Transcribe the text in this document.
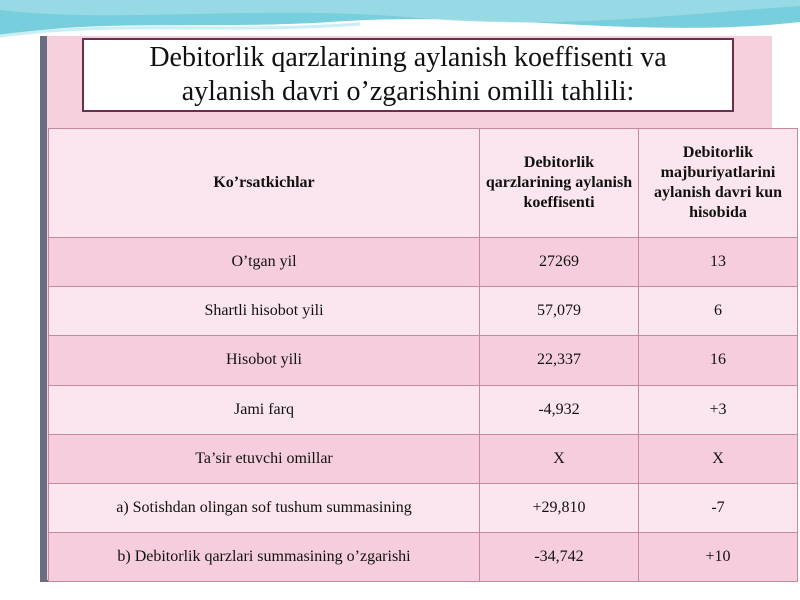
Debitorlik qarzlarining aylanish koeffisenti va
aylanish davri o’zgarishini omilli tahlili:
Ko’rsatkichlar	Debitorlik qarzlarining aylanish koeffisenti	Debitorlik majburiyatlarini aylanish davri kun hisobida
O’tgan yil	27269	13
Shartli hisobot yili	57,079	6
Hisobot yili	22,337	16
Jami farq	-4,932	+3
Ta’sir etuvchi omillar	X	X
a) Sotishdan olingan sof tushum summasining	+29,810	-7
b) Debitorlik qarzlari summasining o’zgarishi	-34,742	+10
